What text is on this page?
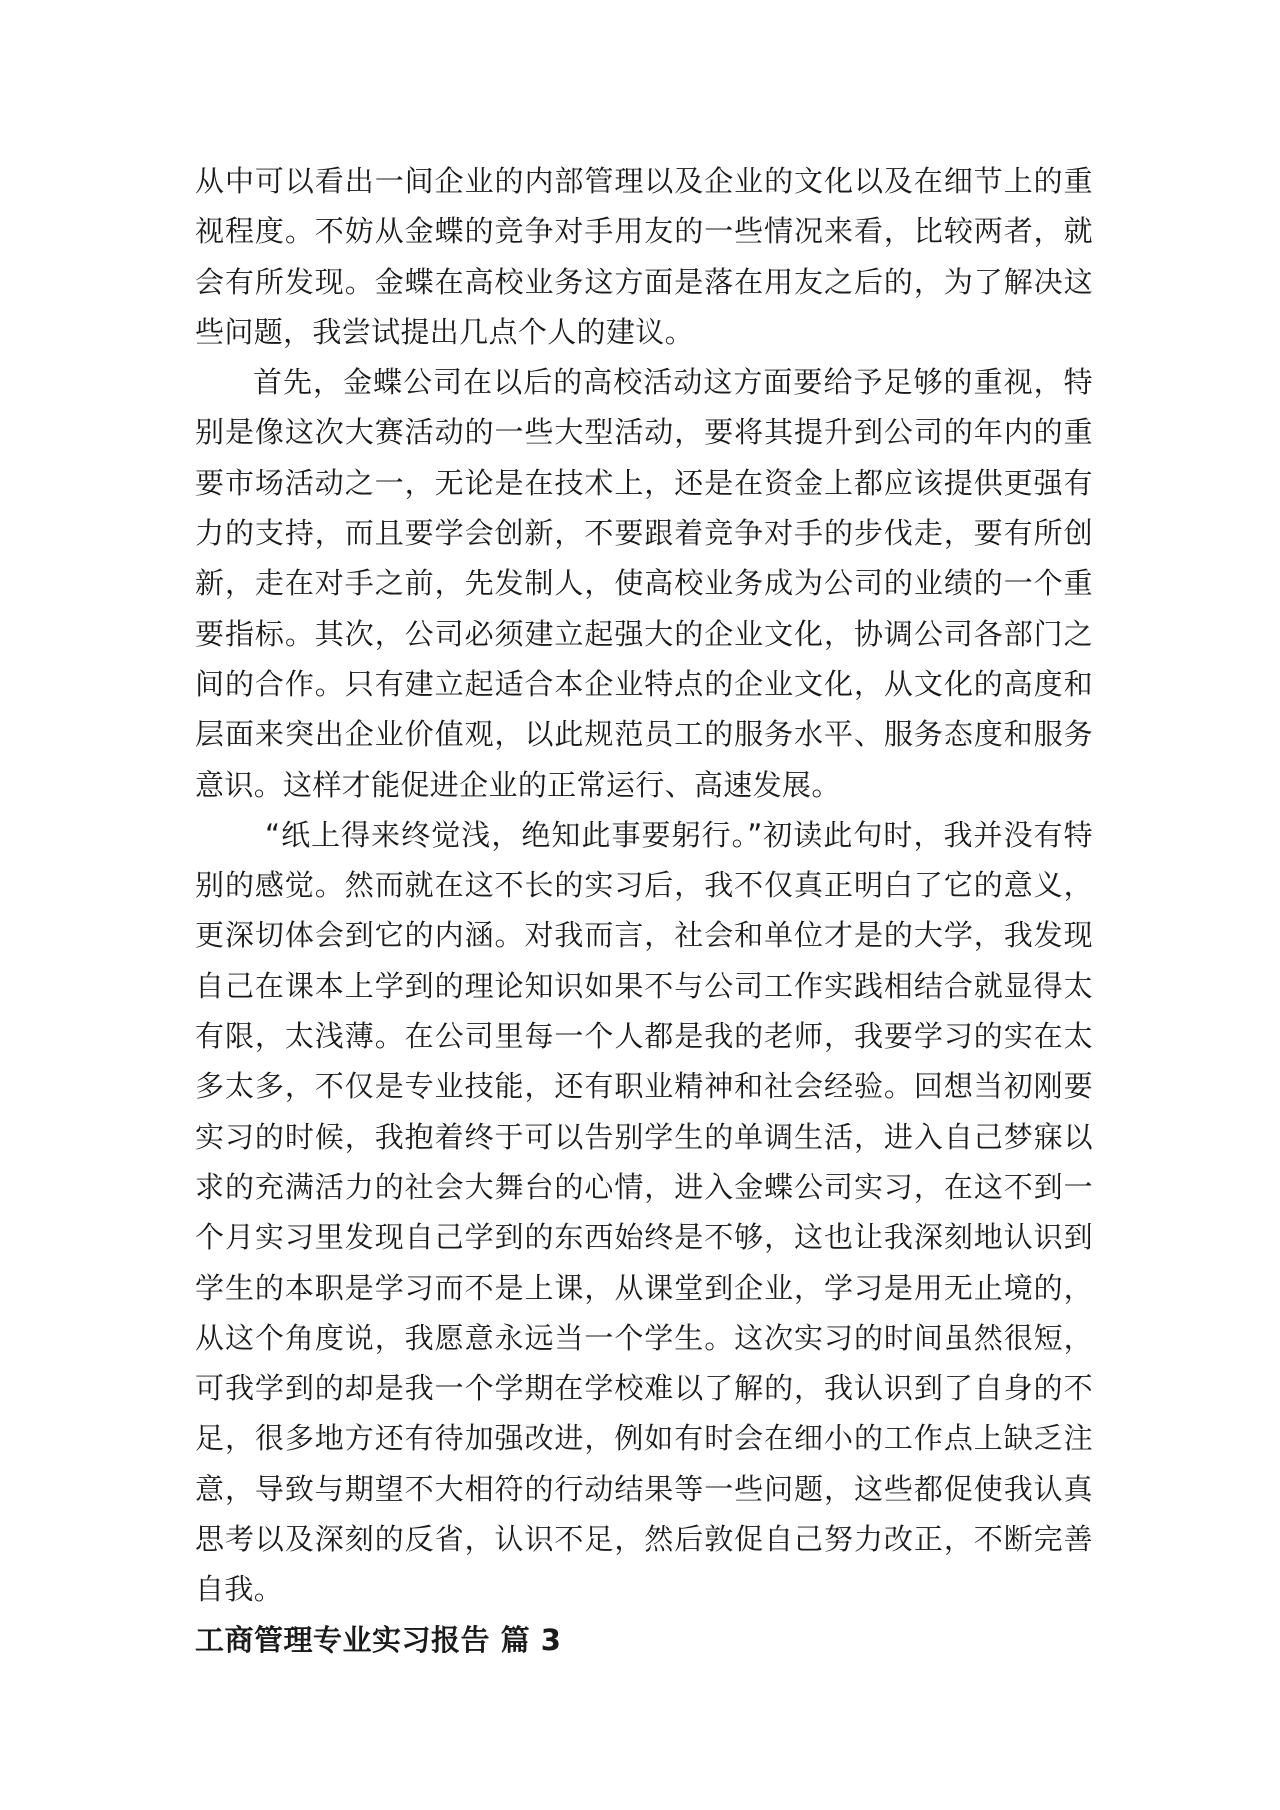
从中可以看出一间企业的内部管理以及企业的文化以及在细节上的重视程度。不妨从金蝶的竞争对手用友的一些情况来看，比较两者，就会有所发现。金蝶在高校业务这方面是落在用友之后的，为了解决这些问题，我尝试提出几点个人的建议。

首先，金蝶公司在以后的高校活动这方面要给予足够的重视，特别是像这次大赛活动的一些大型活动，要将其提升到公司的年内的重要市场活动之一，无论是在技术上，还是在资金上都应该提供更强有力的支持，而且要学会创新，不要跟着竞争对手的步伐走，要有所创新，走在对手之前，先发制人，使高校业务成为公司的业绩的一个重要指标。其次，公司必须建立起强大的企业文化，协调公司各部门之间的合作。只有建立起适合本企业特点的企业文化，从文化的高度和层面来突出企业价值观，以此规范员工的服务水平、服务态度和服务意识。这样才能促进企业的正常运行、高速发展。

“纸上得来终觉浅，绝知此事要躬行。”初读此句时，我并没有特别的感觉。然而就在这不长的实习后，我不仅真正明白了它的意义，更深切体会到它的内涵。对我而言，社会和单位才是的大学，我发现自己在课本上学到的理论知识如果不与公司工作实践相结合就显得太有限，太浅薄。在公司里每一个人都是我的老师，我要学习的实在太多太多，不仅是专业技能，还有职业精神和社会经验。回想当初刚要实习的时候，我抱着终于可以告别学生的单调生活，进入自己梦寐以求的充满活力的社会大舞台的心情，进入金蝶公司实习，在这不到一个月实习里发现自己学到的东西始终是不够，这也让我深刻地认识到学生的本职是学习而不是上课，从课堂到企业，学习是用无止境的，从这个角度说，我愿意永远当一个学生。这次实习的时间虽然很短，可我学到的却是我一个学期在学校难以了解的，我认识到了自身的不足，很多地方还有待加强改进，例如有时会在细小的工作点上缺乏注意，导致与期望不大相符的行动结果等一些问题，这些都促使我认真思考以及深刻的反省，认识不足，然后敦促自己努力改正，不断完善自我。

工商管理专业实习报告 篇 3
